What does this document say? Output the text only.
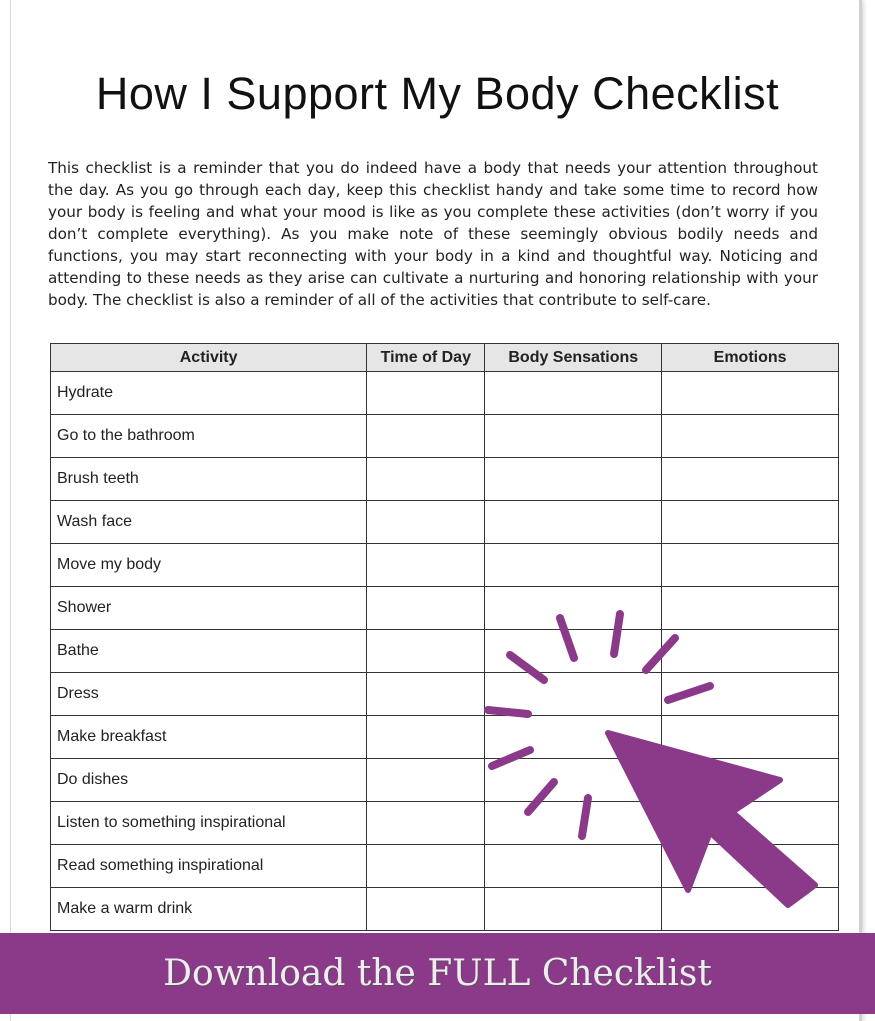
How I Support My Body Checklist

This checklist is a reminder that you do indeed have a body that needs your attention throughout the day. As you go through each day, keep this checklist handy and take some time to record how your body is feeling and what your mood is like as you complete these activities (don’t worry if you don’t complete everything). As you make note of these seemingly obvious bodily needs and functions, you may start reconnecting with your body in a kind and thoughtful way. Noticing and attending to these needs as they arise can cultivate a nurturing and honoring relationship with your body. The checklist is also a reminder of all of the activities that contribute to self-care.

Activity	Time of Day	Body Sensations	Emotions
Hydrate			
Go to the bathroom			
Brush teeth			
Wash face			
Move my body			
Shower			
Bathe			
Dress			
Make breakfast			
Do dishes			
Listen to something inspirational			
Read something inspirational			
Make a warm drink			
Download the FULL Checklist
